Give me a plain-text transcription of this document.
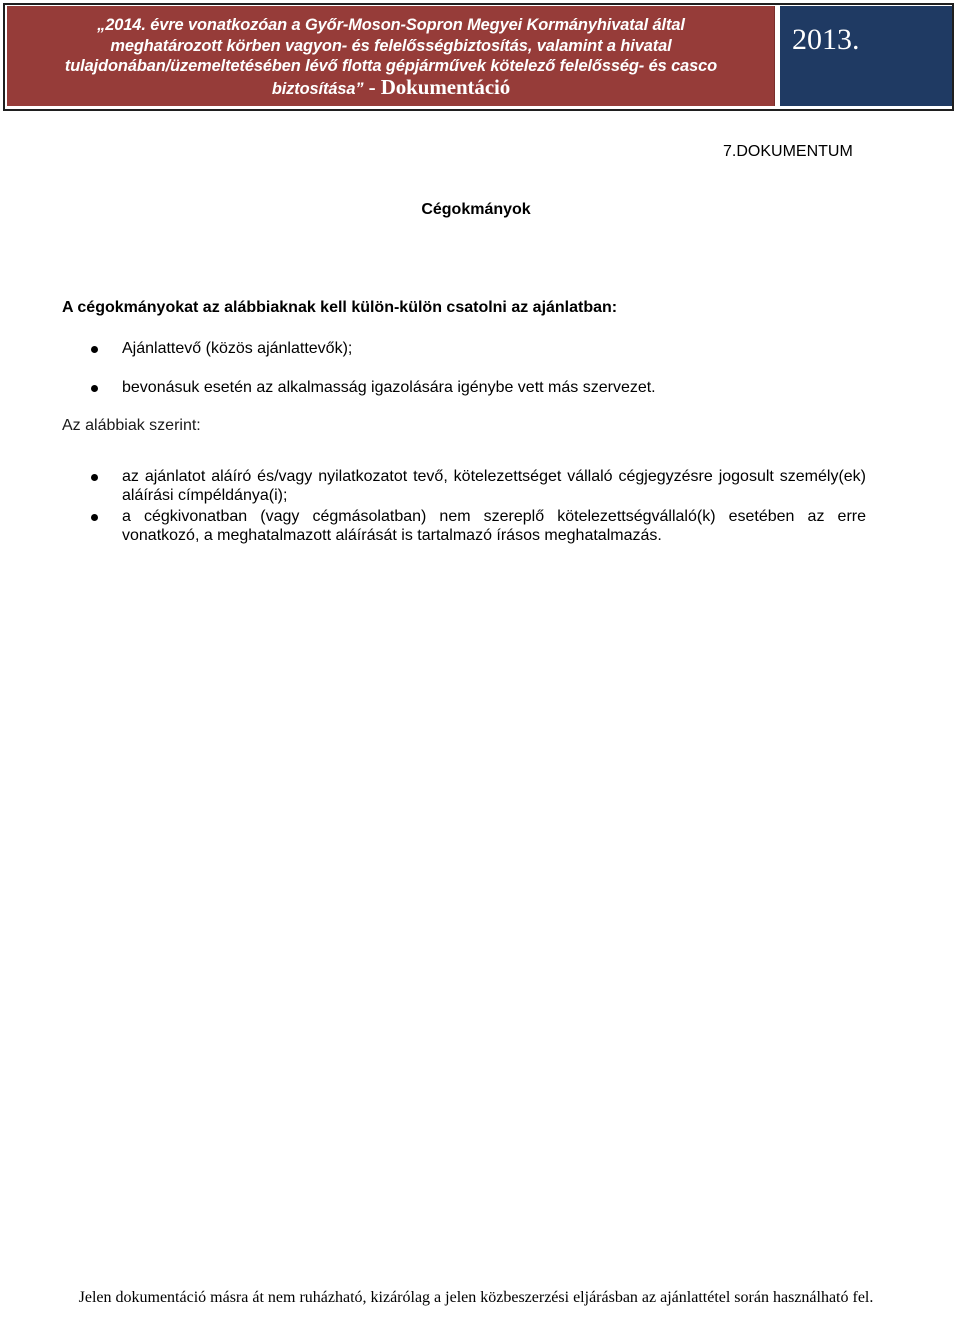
„2014. évre vonatkozóan a Győr-Moson-Sopron Megyei Kormányhivatal által
meghatározott körben vagyon- és felelősségbiztosítás, valamint a hivatal
tulajdonában/üzemeltetésében lévő flotta gépjárművek kötelező felelősség- és casco
biztosítása” - Dokumentáció
2013.
7.DOKUMENTUM
Cégokmányok
A cégokmányokat az alábbiaknak kell külön-külön csatolni az ajánlatban:
Ajánlattevő (közös ajánlattevők);
bevonásuk esetén az alkalmasság igazolására igénybe vett más szervezet.
Az alábbiak szerint:
az ajánlatot aláíró és/vagy nyilatkozatot tevő, kötelezettséget vállaló cégjegyzésre jogosult személy(ek) aláírási címpéldánya(i);
a cégkivonatban (vagy cégmásolatban) nem szereplő kötelezettségvállaló(k) esetében az erre vonatkozó, a meghatalmazott aláírását is tartalmazó írásos meghatalmazás.
Jelen dokumentáció másra át nem ruházható, kizárólag a jelen közbeszerzési eljárásban az ajánlattétel során használható fel.
